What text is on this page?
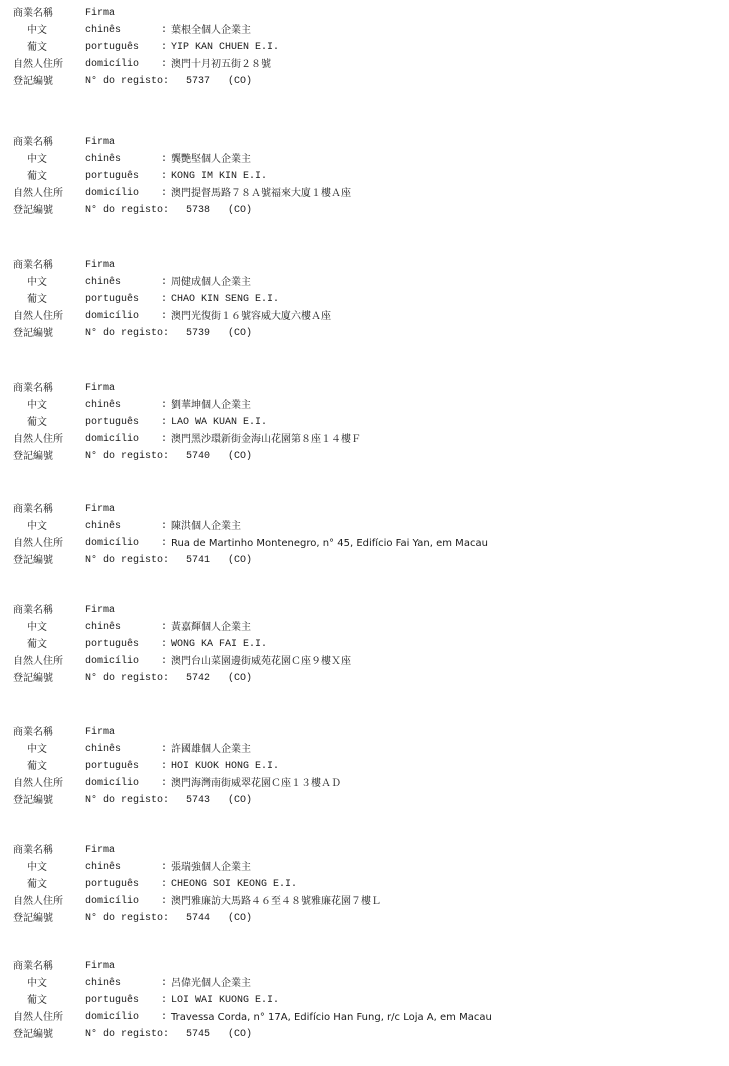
商業名稱	Firma
中文	chinês	: 葉根全個人企業主
葡文	português : YIP KAN CHUEN E.I.
自然人住所 domicílio : 澳門十月初五街２８號
登記編號	N° do registo: 5737 (CO)
商業名稱	Firma
中文	chinês	: 龔艷堅個人企業主
葡文	português : KONG IM KIN E.I.
自然人住所 domicílio : 澳門提督馬路７８Ａ號福來大廈１樓Ａ座
登記編號	N° do registo: 5738 (CO)
商業名稱	Firma
中文	chinês	: 周健成個人企業主
葡文	português : CHAO KIN SENG E.I.
自然人住所 domicílio : 澳門光復街１６號容威大廈六樓Ａ座
登記編號	N° do registo: 5739 (CO)
商業名稱	Firma
中文	chinês	: 劉華坤個人企業主
葡文	português : LAO WA KUAN E.I.
自然人住所 domicílio : 澳門黑沙環新街金海山花園第８座１４樓Ｆ
登記編號	N° do registo: 5740 (CO)
商業名稱	Firma
中文	chinês	: 陳洪個人企業主
自然人住所 domicílio : Rua de Martinho Montenegro, n° 45, Edifício Fai Yan, em Macau
登記編號	N° do registo: 5741 (CO)
商業名稱	Firma
中文	chinês	: 黃嘉輝個人企業主
葡文	português : WONG KA FAI E.I.
自然人住所 domicílio : 澳門台山菜園邊街威苑花園Ｃ座９樓Ｘ座
登記編號	N° do registo: 5742 (CO)
商業名稱	Firma
中文	chinês	: 許國雄個人企業主
葡文	português : HOI KUOK HONG E.I.
自然人住所 domicílio : 澳門海灣南街威翠花園Ｃ座１３樓ＡＤ
登記編號	N° do registo: 5743 (CO)
商業名稱	Firma
中文	chinês	: 張瑞強個人企業主
葡文	português : CHEONG SOI KEONG E.I.
自然人住所 domicílio : 澳門雅廉訪大馬路４６至４８號雅廉花園７樓Ｌ
登記編號	N° do registo: 5744 (CO)
商業名稱	Firma
中文	chinês	: 呂偉光個人企業主
葡文	português : LOI WAI KUONG E.I.
自然人住所 domicílio : Travessa Corda, n° 17A, Edifício Han Fung, r/c Loja A, em Macau
登記編號	N° do registo: 5745 (CO)
